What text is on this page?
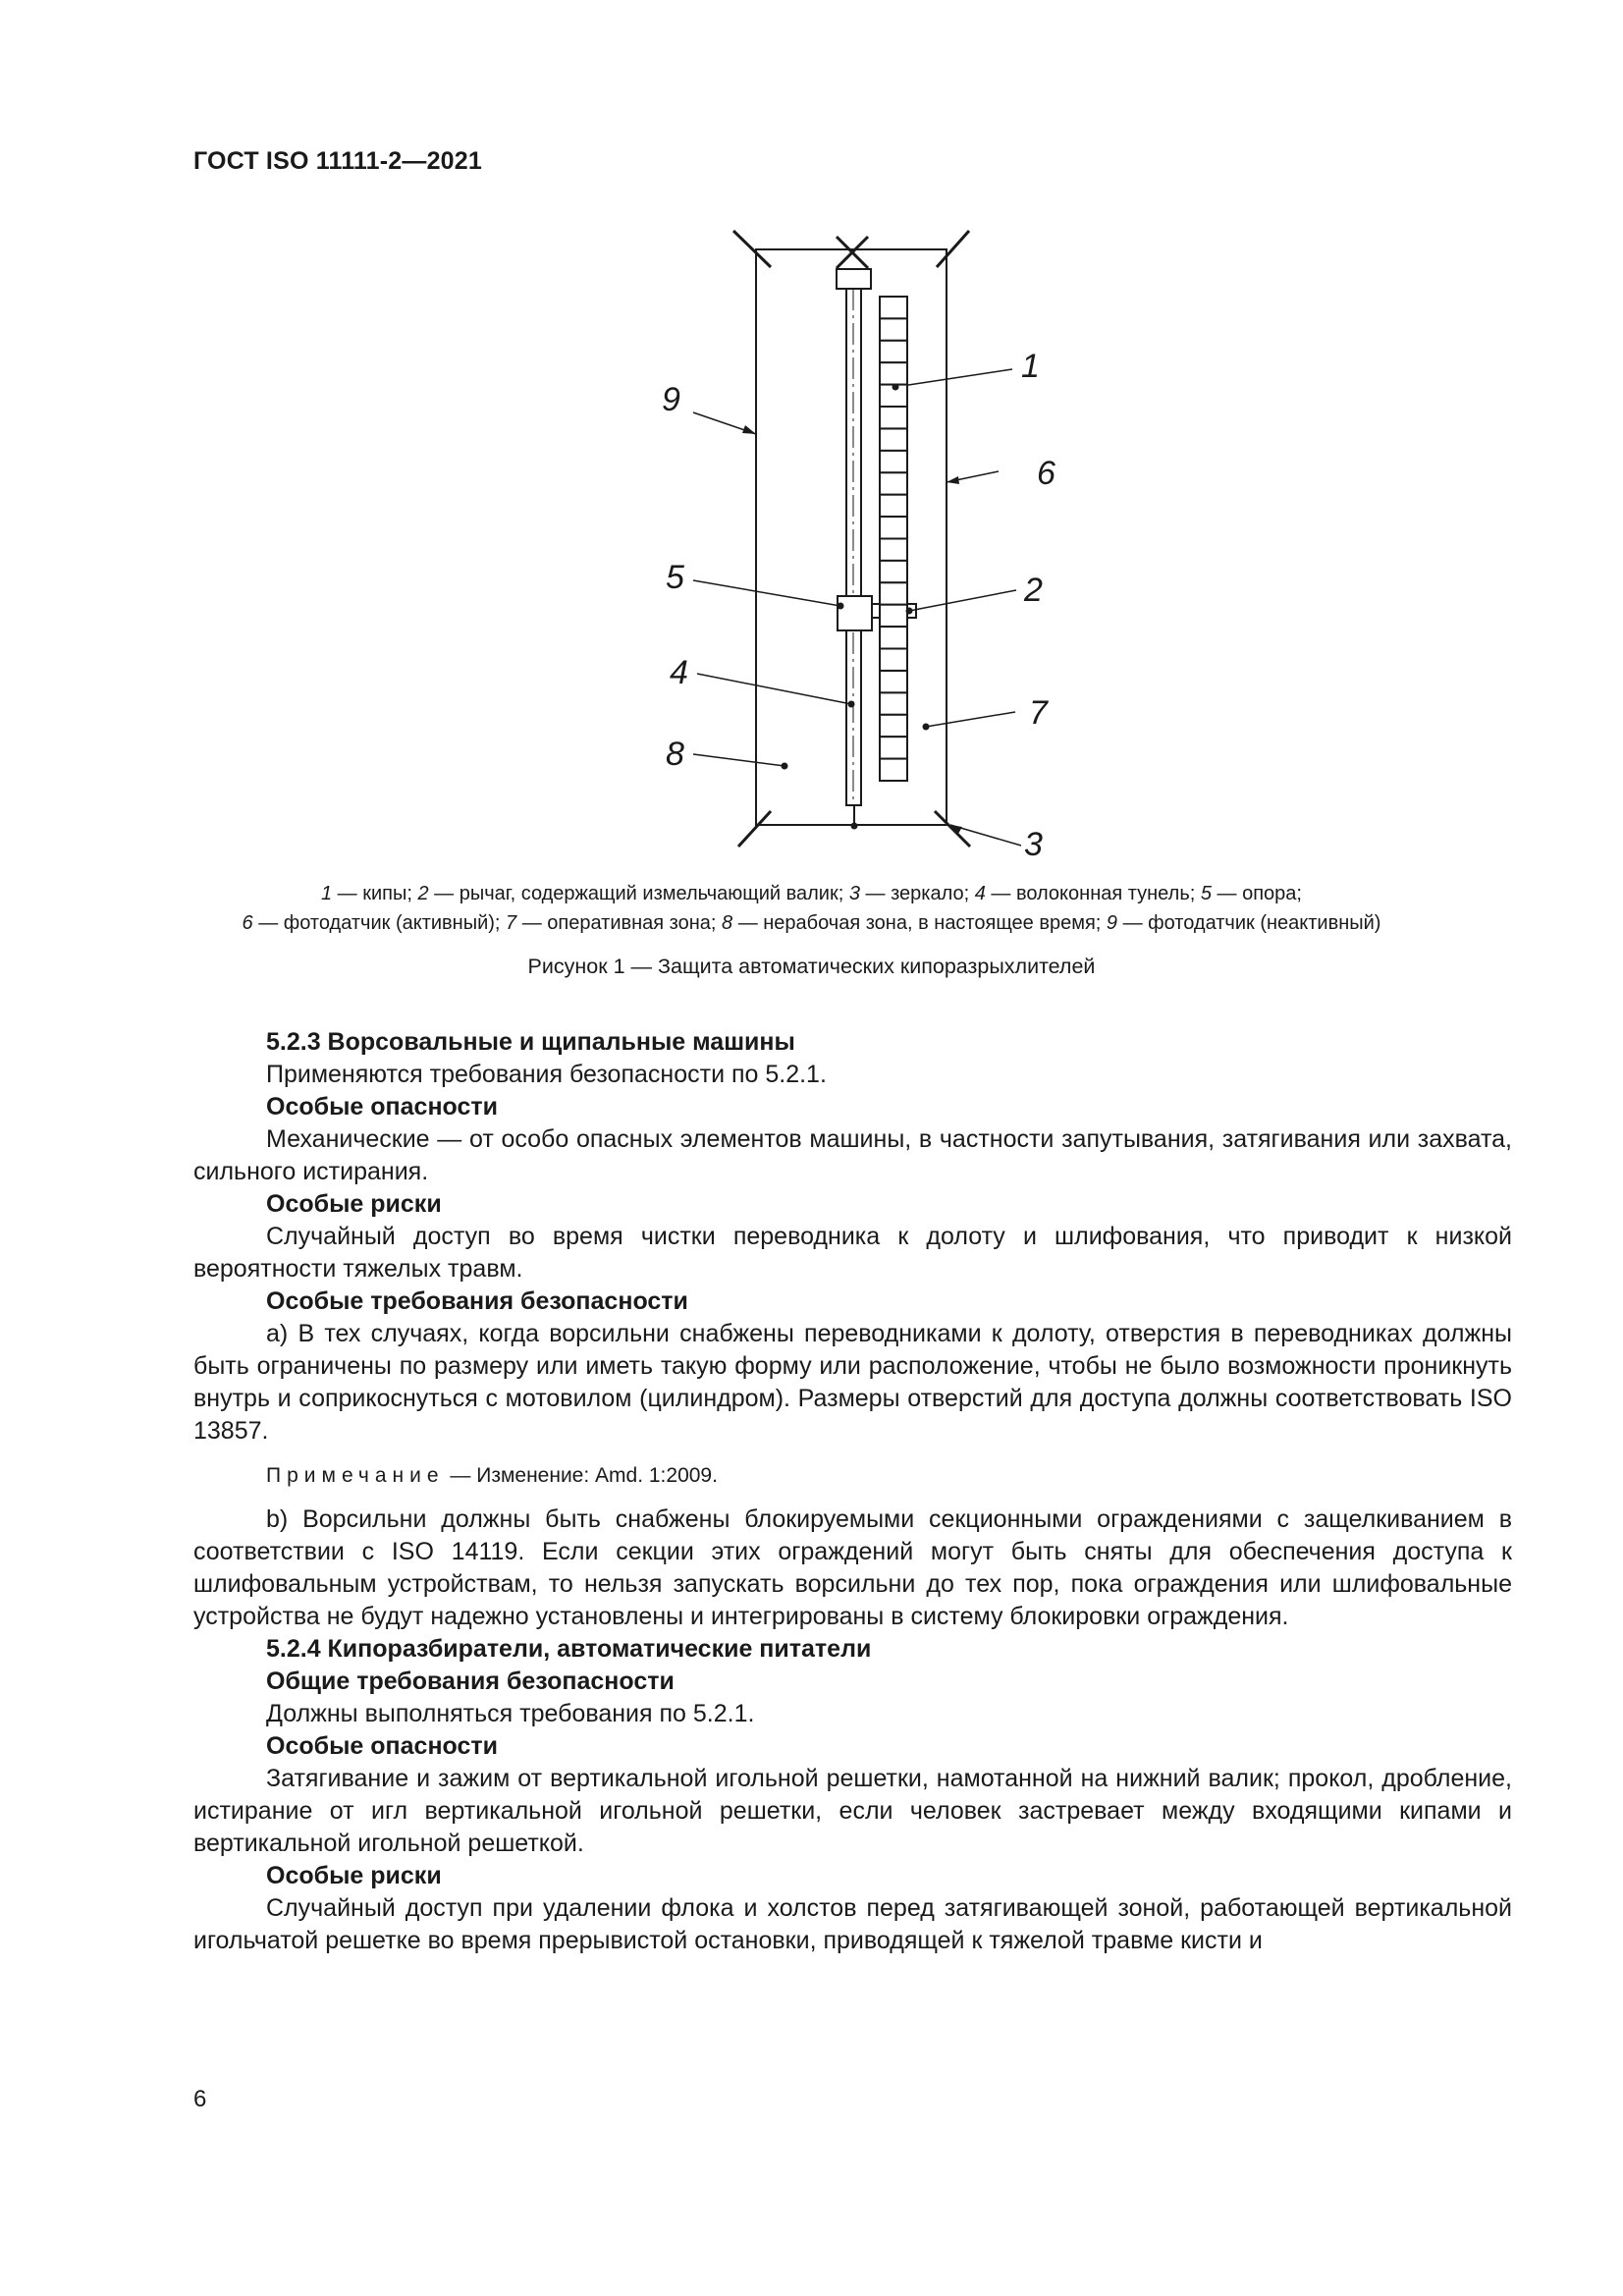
ГОСТ ISO 11111-2—2021
1
2
3
4
5
6
7
8
9
1 — кипы; 2 — рычаг, содержащий измельчающий валик; 3 — зеркало; 4 — волоконная тунель; 5 — опора;
6 — фотодатчик (активный); 7 — оперативная зона; 8 — нерабочая зона, в настоящее время; 9 — фотодатчик (неактивный)
Рисунок 1 — Защита автоматических кипоразрыхлителей

5.2.3 Ворсовальные и щипальные машины

Применяются требования безопасности по 5.2.1.

Особые опасности

Механические — от особо опасных элементов машины, в частности запутывания, затягивания или захвата, сильного истирания.

Особые риски

Случайный доступ во время чистки переводника к долоту и шлифования, что приводит к низкой вероятности тяжелых травм.

Особые требования безопасности

a) В тех случаях, когда ворсильни снабжены переводниками к долоту, отверстия в переводниках должны быть ограничены по размеру или иметь такую форму или расположение, чтобы не было возможности проникнуть внутрь и соприкоснуться с мотовилом (цилиндром). Размеры отверстий для доступа должны соответствовать ISO 13857.

Примечание — Изменение: Amd. 1:2009.

b) Ворсильни должны быть снабжены блокируемыми секционными ограждениями с защелкиванием в соответствии с ISO 14119. Если секции этих ограждений могут быть сняты для обеспечения доступа к шлифовальным устройствам, то нельзя запускать ворсильни до тех пор, пока ограждения или шлифовальные устройства не будут надежно установлены и интегрированы в систему блокировки ограждения.

5.2.4 Кипоразбиратели, автоматические питатели

Общие требования безопасности

Должны выполняться требования по 5.2.1.

Особые опасности

Затягивание и зажим от вертикальной игольной решетки, намотанной на нижний валик; прокол, дробление, истирание от игл вертикальной игольной решетки, если человек застревает между входящими кипами и вертикальной игольной решеткой.

Особые риски

Случайный доступ при удалении флока и холстов перед затягивающей зоной, работающей вертикальной игольчатой решетке во время прерывистой остановки, приводящей к тяжелой травме кисти и

6
